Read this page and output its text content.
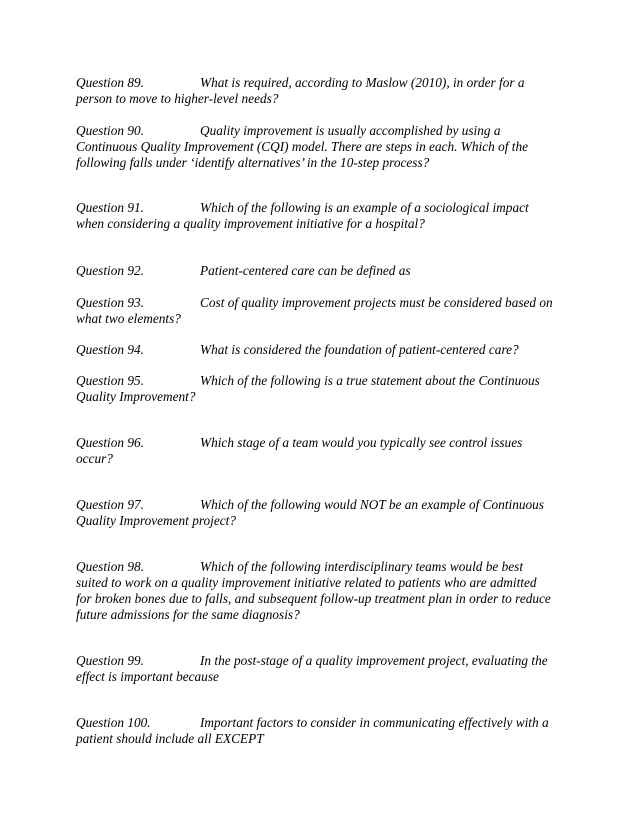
Question 89.	What is required, according to Maslow (2010), in order for a
person to move to higher-level needs?
Question 90.	Quality improvement is usually accomplished by using a
Continuous Quality Improvement (CQI) model. There are steps in each. Which of the
following falls under ‘identify alternatives’ in the 10-step process?
Question 91.	Which of the following is an example of a sociological impact
when considering a quality improvement initiative for a hospital?
Question 92.	Patient-centered care can be defined as
Question 93.	Cost of quality improvement projects must be considered based on
what two elements?
Question 94.	What is considered the foundation of patient-centered care?
Question 95.	Which of the following is a true statement about the Continuous
Quality Improvement?
Question 96.	Which stage of a team would you typically see control issues
occur?
Question 97.	Which of the following would NOT be an example of Continuous
Quality Improvement project?
Question 98.	Which of the following interdisciplinary teams would be best
suited to work on a quality improvement initiative related to patients who are admitted
for broken bones due to falls, and subsequent follow-up treatment plan in order to reduce
future admissions for the same diagnosis?
Question 99.	In the post-stage of a quality improvement project, evaluating the
effect is important because
Question 100.	Important factors to consider in communicating effectively with a
patient should include all EXCEPT
